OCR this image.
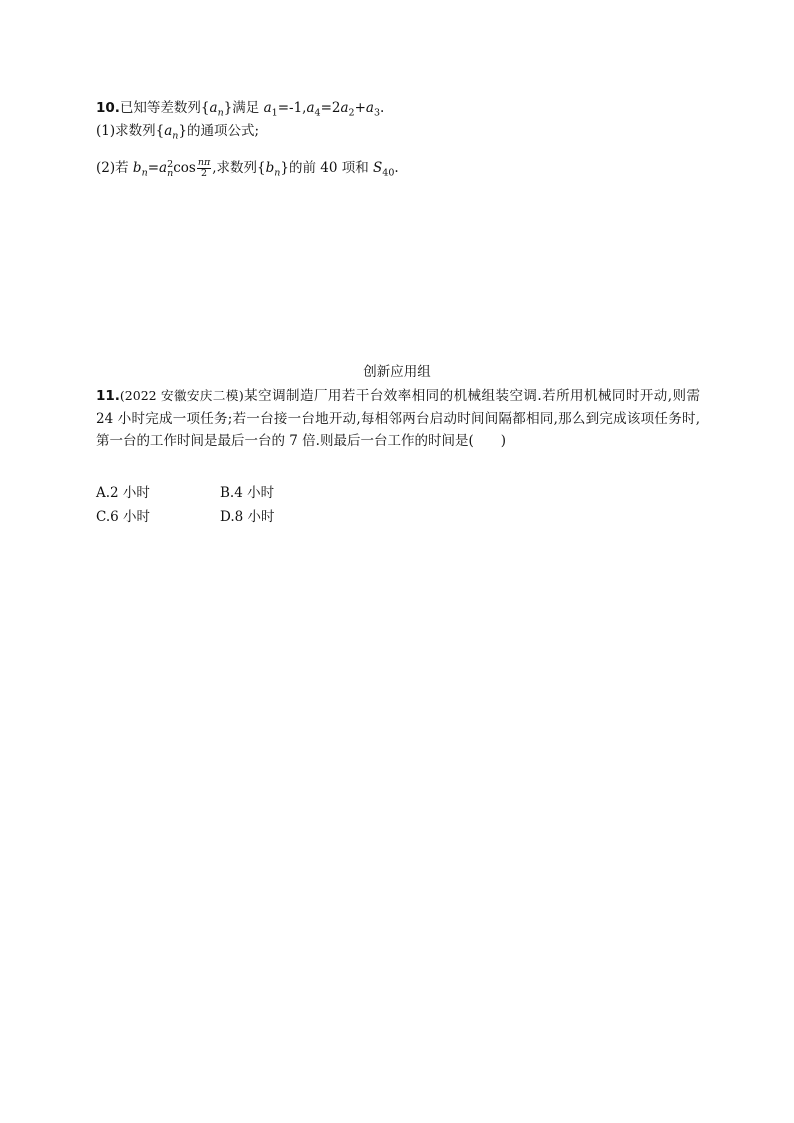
10.已知等差数列$\{a_n\}$满足 $a_1=-1,a_4=2a_2+a_3$.
(1)求数列$\{a_n\}$的通项公式;
(2)若 $b_n=a$ 2
n $\cos \frac{n\pi}{2}$ ,求数列$\{b_n\}$的前 40 项和 $S_{40}$.
创新应用组
11.(2022 安徽安庆二模)某空调制造厂用若干台效率相同的机械组装空调.若所用机械同时开动,则需 24 小时完成一项任务;若一台接一台地开动,每相邻两台启动时间间隔都相同,那么到完成该项任务时,第一台的工作时间是最后一台的 7 倍.则最后一台工作的时间是(　　)
A.2 小时	B.4 小时
C.6 小时	D.8 小时
